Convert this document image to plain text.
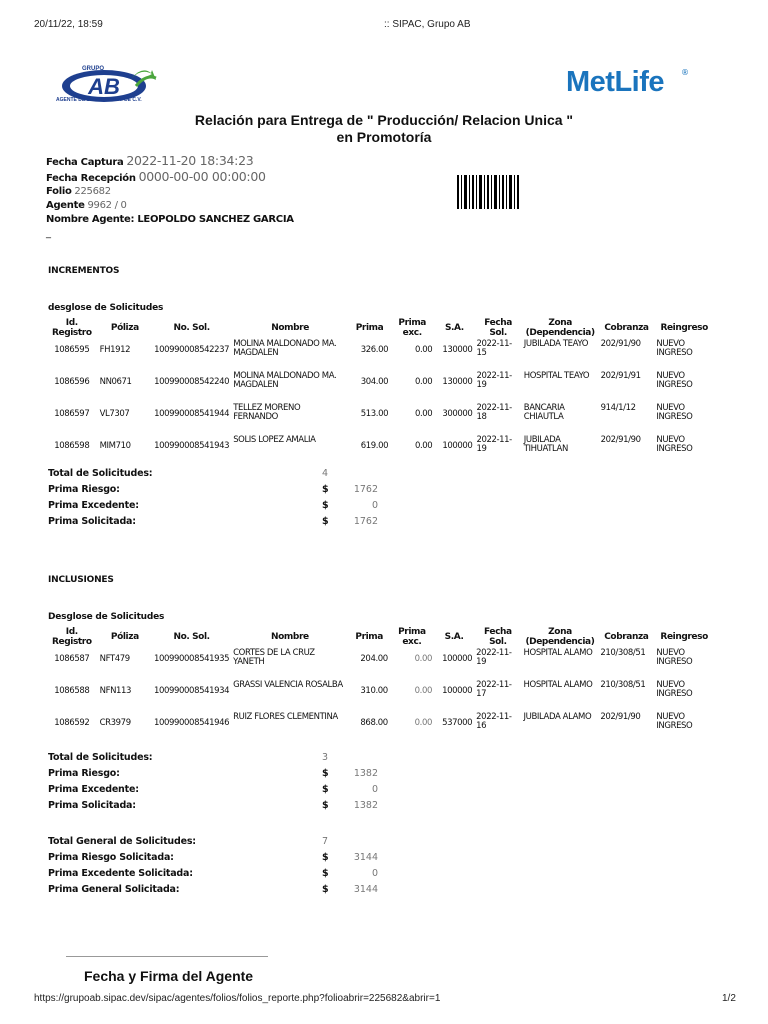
20/11/22, 18:59	:: SIPAC, Grupo AB
AB
GRUPO
AGENTE DE SEGUROS S.A. DE C.V.
MetLife ®
Relación para Entrega de " Producción/ Relacion Unica "
en Promotoría
Fecha Captura 2022-11-20 18:34:23
Fecha Recepción 0000-00-00 00:00:00
Folio 225682
Agente 9962 / 0
Nombre Agente: LEOPOLDO SANCHEZ GARCIA
_
INCREMENTOS
desglose de Solicitudes
Id. Registro	Póliza	No. Sol.	Nombre	Prima	Prima exc.	S.A.	Fecha Sol.	Zona (Dependencia)	Cobranza	Reingreso
1086595	FH1912	100990008542237	MOLINA MALDONADO MA. MAGDALEN	326.00	0.00	130000	2022-11-15	JUBILADA TEAYO	202/91/90	NUEVO INGRESO
1086596	NN0671	100990008542240	MOLINA MALDONADO MA. MAGDALEN	304.00	0.00	130000	2022-11-19	HOSPITAL TEAYO	202/91/91	NUEVO INGRESO
1086597	VL7307	100990008541944	TELLEZ MORENO FERNANDO	513.00	0.00	300000	2022-11-18	BANCARIA CHIAUTLA	914/1/12	NUEVO INGRESO
1086598	MIM710	100990008541943	SOLIS LOPEZ AMALIA	619.00	0.00	100000	2022-11-19	JUBILADA TIHUATLAN	202/91/90	NUEVO INGRESO
Total de Solicitudes:	4
Prima Riesgo:	$	1762
Prima Excedente:	$	0
Prima Solicitada:	$	1762
INCLUSIONES
Desglose de Solicitudes
Id. Registro	Póliza	No. Sol.	Nombre	Prima	Prima exc.	S.A.	Fecha Sol.	Zona (Dependencia)	Cobranza	Reingreso
1086587	NFT479	100990008541935	CORTES DE LA CRUZ YANETH	204.00	0.00	100000	2022-11-19	HOSPITAL ALAMO	210/308/51	NUEVO INGRESO
1086588	NFN113	100990008541934	GRASSI VALENCIA ROSALBA	310.00	0.00	100000	2022-11-17	HOSPITAL ALAMO	210/308/51	NUEVO INGRESO
1086592	CR3979	100990008541946	RUIZ FLORES CLEMENTINA	868.00	0.00	537000	2022-11-16	JUBILADA ALAMO	202/91/90	NUEVO INGRESO
Total de Solicitudes:	3
Prima Riesgo:	$	1382
Prima Excedente:	$	0
Prima Solicitada:	$	1382
Total General de Solicitudes:	7
Prima Riesgo Solicitada:	$	3144
Prima Excedente Solicitada:	$	0
Prima General Solicitada:	$	3144
Fecha y Firma del Agente
https://grupoab.sipac.dev/sipac/agentes/folios/folios_reporte.php?folioabrir=225682&abrir=1	1/2
